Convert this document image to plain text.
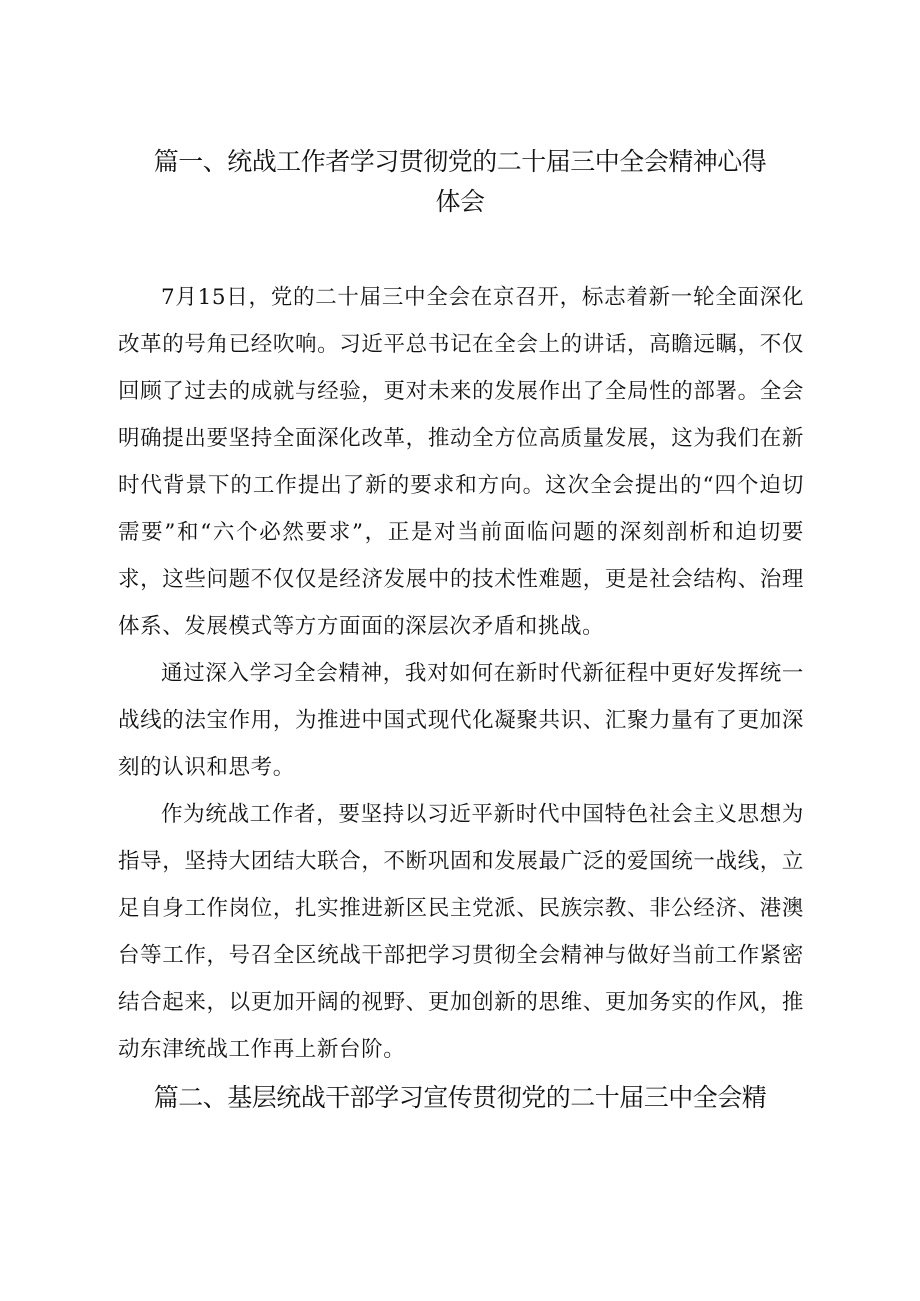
篇一、统战工作者学习贯彻党的二十届三中全会精神心得
体会

7月15日，党的二十届三中全会在京召开，标志着新一轮全面深化改革的号角已经吹响。习近平总书记在全会上的讲话，高瞻远瞩，不仅回顾了过去的成就与经验，更对未来的发展作出了全局性的部署。全会明确提出要坚持全面深化改革，推动全方位高质量发展，这为我们在新时代背景下的工作提出了新的要求和方向。这次全会提出的“四个迫切需要”和“六个必然要求”，正是对当前面临问题的深刻剖析和迫切要求，这些问题不仅仅是经济发展中的技术性难题，更是社会结构、治理体系、发展模式等方方面面的深层次矛盾和挑战。

通过深入学习全会精神，我对如何在新时代新征程中更好发挥统一战线的法宝作用，为推进中国式现代化凝聚共识、汇聚力量有了更加深刻的认识和思考。

作为统战工作者，要坚持以习近平新时代中国特色社会主义思想为指导，坚持大团结大联合，不断巩固和发展最广泛的爱国统一战线，立足自身工作岗位，扎实推进新区民主党派、民族宗教、非公经济、港澳台等工作，号召全区统战干部把学习贯彻全会精神与做好当前工作紧密结合起来，以更加开阔的视野、更加创新的思维、更加务实的作风，推动东津统战工作再上新台阶。

篇二、基层统战干部学习宣传贯彻党的二十届三中全会精
